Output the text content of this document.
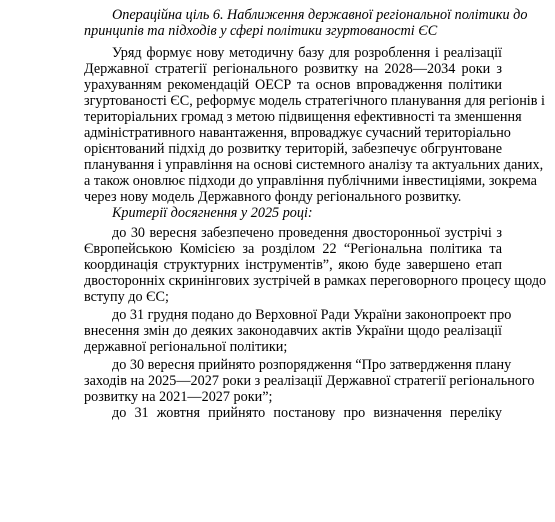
Операційна ціль 6. Наближення державної регіональної політики до
принципів та підходів у сфері політики згуртованості ЄС
Уряд формує нову методичну базу для розроблення і реалізації
Державної стратегії регіонального розвитку на 2028—2034 роки з
урахуванням рекомендацій ОЕСР та основ впровадження політики
згуртованості ЄС, реформує модель стратегічного планування для регіонів і
територіальних громад з метою підвищення ефективності та зменшення
адміністративного навантаження, впроваджує сучасний територіально
орієнтований підхід до розвитку територій, забезпечує обгрунтоване
планування і управління на основі системного аналізу та актуальних даних,
а також оновлює підходи до управління публічними інвестиціями, зокрема
через нову модель Державного фонду регіонального розвитку.
Критерії досягнення у 2025 році:
до 30 вересня забезпечено проведення двосторонньої зустрічі з
Європейською Комісією за розділом 22 “Регіональна політика та
координація структурних інструментів”, якою буде завершено етап
двосторонніх скринінгових зустрічей в рамках переговорного процесу щодо
вступу до ЄС;
до 31 грудня подано до Верховної Ради України законопроект про
внесення змін до деяких законодавчих актів України щодо реалізації
державної регіональної політики;
до 30 вересня прийнято розпорядження “Про затвердження плану
заходів на 2025—2027 роки з реалізації Державної стратегії регіонального
розвитку на 2021—2027 роки”;
до 31 жовтня прийнято постанову про визначення переліку
